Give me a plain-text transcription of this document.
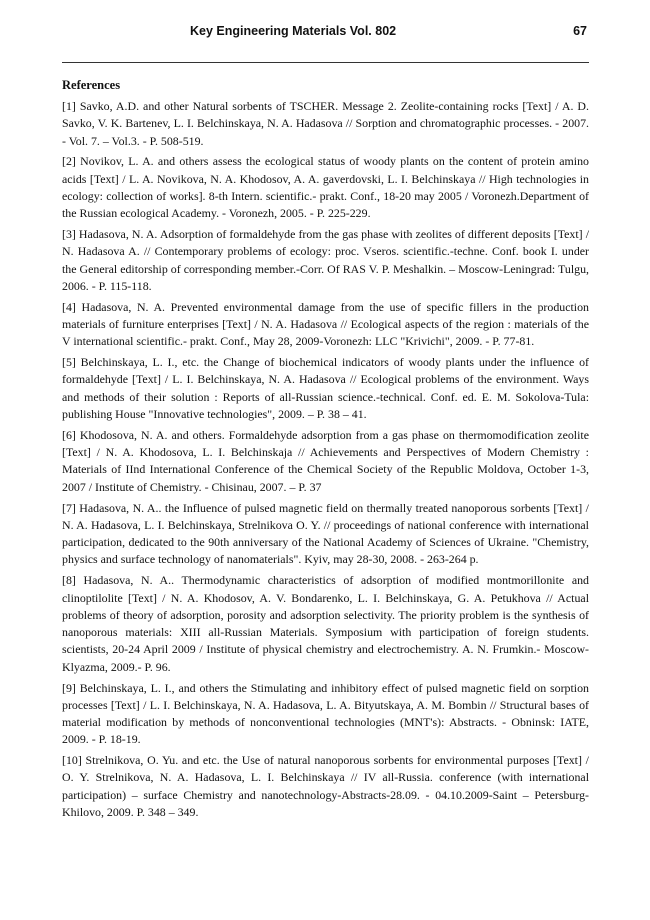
Key Engineering Materials Vol. 802	67
References

[1] Savko, A.D. and other Natural sorbents of TSCHER. Message 2. Zeolite-containing rocks [Text] / A. D. Savko, V. K. Bartenev, L. I. Belchinskaya, N. A. Hadasova // Sorption and chromatographic processes. - 2007. - Vol. 7. – Vol.3. - P. 508-519.

[2] Novikov, L. A. and others assess the ecological status of woody plants on the content of protein amino acids [Text] / L. A. Novikova, N. A. Khodosov, A. A. gaverdovski, L. I. Belchinskaya // High technologies in ecology: collection of works]. 8-th Intern. scientific.- prakt. Conf., 18-20 may 2005 / Voronezh.Department of the Russian ecological Academy. - Voronezh, 2005. - P. 225-229.

[3] Hadasova, N. A. Adsorption of formaldehyde from the gas phase with zeolites of different deposits [Text] / N. Hadasova A. // Contemporary problems of ecology: proc. Vseros. scientific.-techne. Conf. book I. under the General editorship of corresponding member.-Corr. Of RAS V. P. Meshalkin. – Moscow-Leningrad: Tulgu, 2006. - P. 115-118.

[4] Hadasova, N. A. Prevented environmental damage from the use of specific fillers in the production materials of furniture enterprises [Text] / N. A. Hadasova // Ecological aspects of the region : materials of the V international scientific.- prakt. Conf., May 28, 2009-Voronezh: LLC "Krivichi", 2009. - P. 77-81.

[5] Belchinskaya, L. I., etc. the Change of biochemical indicators of woody plants under the influence of formaldehyde [Text] / L. I. Belchinskaya, N. A. Hadasova // Ecological problems of the environment. Ways and methods of their solution : Reports of all-Russian science.-technical. Conf. ed. E. M. Sokolova-Tula: publishing House "Innovative technologies", 2009. – P. 38 – 41.

[6] Khodosova, N. A. and others. Formaldehyde adsorption from a gas phase on thermomodification zeolite [Text] / N. A. Khodosova, L. I. Belchinskaja // Achievements and Perspectives of Modern Chemistry : Materials of IInd International Conference of the Chemical Society of the Republic Moldova, October 1-3, 2007 / Institute of Chemistry. - Chisinau, 2007. – P. 37

[7] Hadasova, N. A.. the Influence of pulsed magnetic field on thermally treated nanoporous sorbents [Text] / N. A. Hadasova, L. I. Belchinskaya, Strelnikova O. Y. // proceedings of national conference with international participation, dedicated to the 90th anniversary of the National Academy of Sciences of Ukraine. "Chemistry, physics and surface technology of nanomaterials". Kyiv, may 28-30, 2008. - 263-264 p.

[8] Hadasova, N. A.. Thermodynamic characteristics of adsorption of modified montmorillonite and clinoptilolite [Text] / N. A. Khodosov, A. V. Bondarenko, L. I. Belchinskaya, G. A. Petukhova // Actual problems of theory of adsorption, porosity and adsorption selectivity. The priority problem is the synthesis of nanoporous materials: XIII all-Russian Materials. Symposium with participation of foreign students. scientists, 20-24 April 2009 / Institute of physical chemistry and electrochemistry. A. N. Frumkin.- Moscow-Klyazma, 2009.- P. 96.

[9] Belchinskaya, L. I., and others the Stimulating and inhibitory effect of pulsed magnetic field on sorption processes [Text] / L. I. Belchinskaya, N. A. Hadasova, L. A. Bityutskaya, A. M. Bombin // Structural bases of material modification by methods of nonconventional technologies (MNT's): Abstracts. - Obninsk: IATE, 2009. - P. 18-19.

[10] Strelnikova, O. Yu. and etc. the Use of natural nanoporous sorbents for environmental purposes [Text] / O. Y. Strelnikova, N. A. Hadasova, L. I. Belchinskaya // IV all-Russia. conference (with international participation) – surface Chemistry and nanotechnology-Abstracts-28.09. - 04.10.2009-Saint – Petersburg-Khilovo, 2009. P. 348 – 349.
